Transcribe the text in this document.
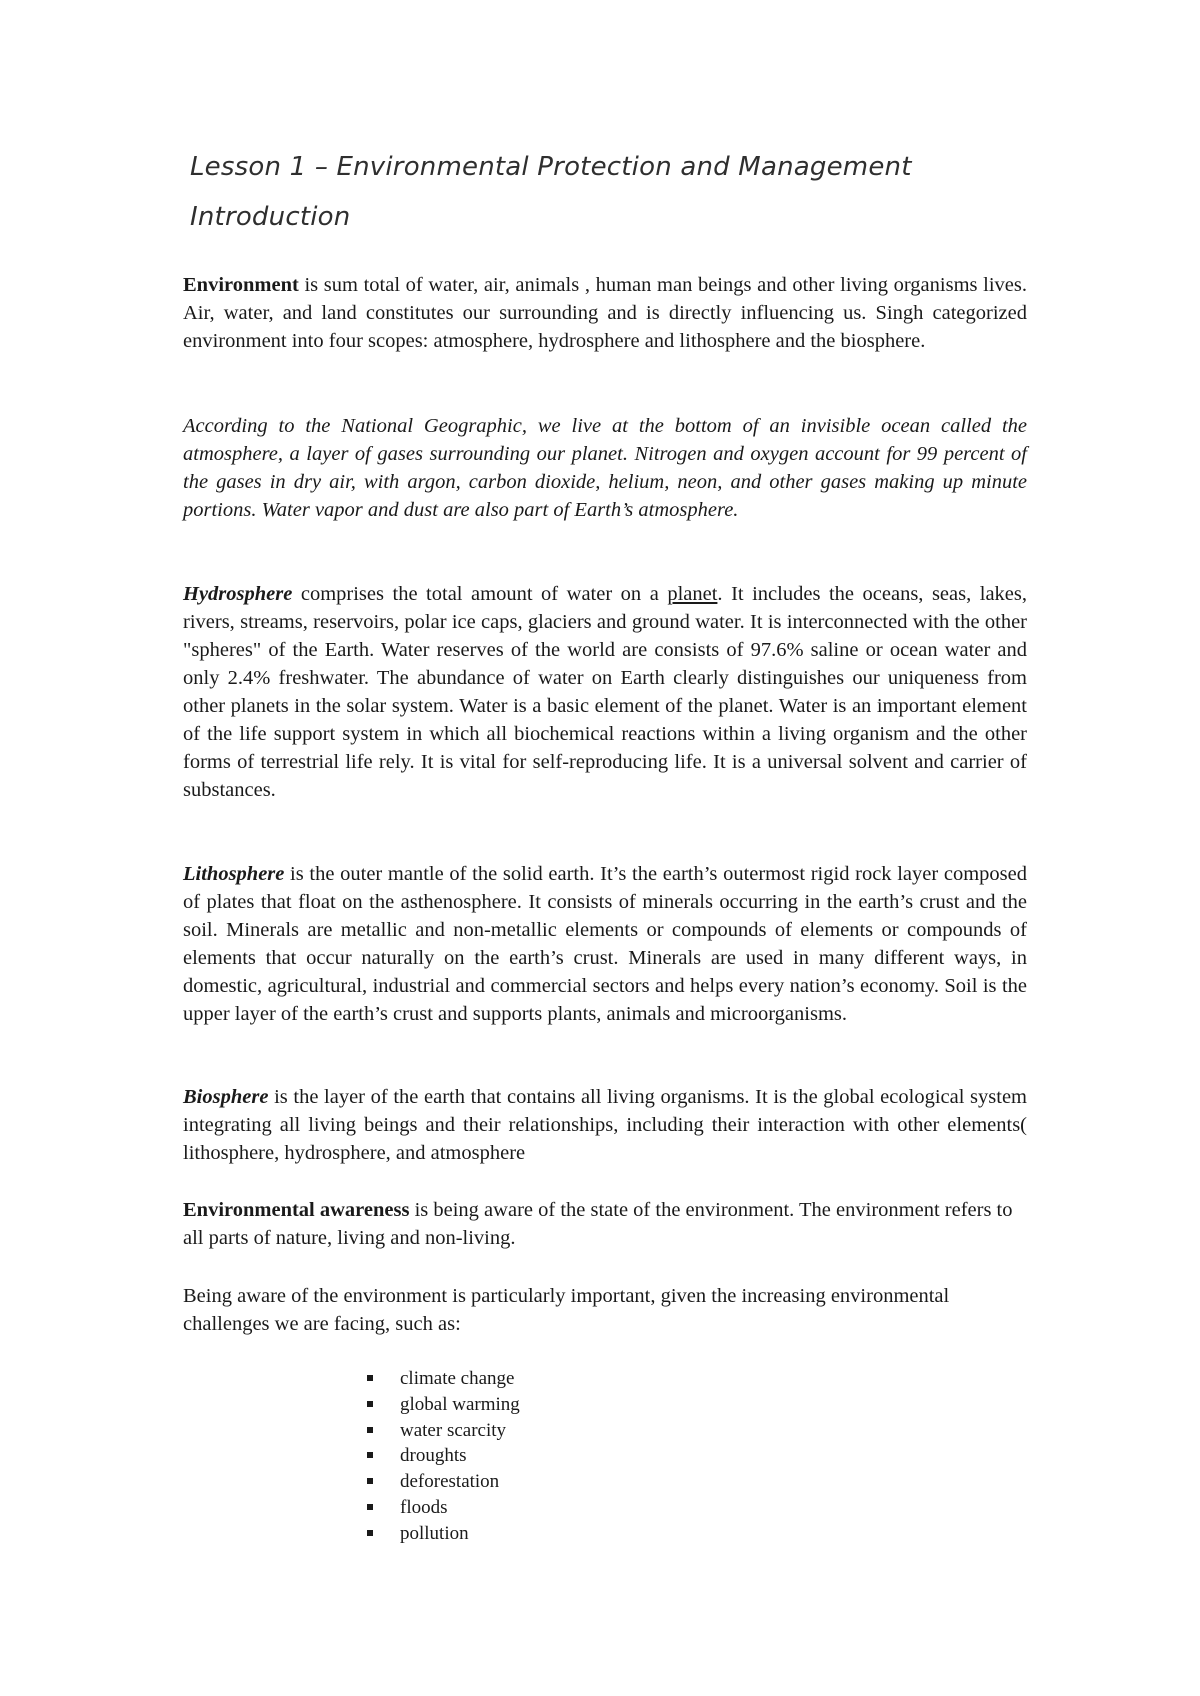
Lesson 1 – Environmental Protection and Management
Introduction

Environment is sum total of water, air, animals , human man beings and other living organisms lives. Air, water, and land constitutes our surrounding and is directly influencing us. Singh categorized environment into four scopes: atmosphere, hydrosphere and lithosphere and the biosphere.

According to the National Geographic, we live at the bottom of an invisible ocean called the atmosphere, a layer of gases surrounding our planet. Nitrogen and oxygen account for 99 percent of the gases in dry air, with argon, carbon dioxide, helium, neon, and other gases making up minute portions. Water vapor and dust are also part of Earth’s atmosphere.

Hydrosphere comprises the total amount of water on a planet. It includes the oceans, seas, lakes, rivers, streams, reservoirs, polar ice caps, glaciers and ground water. It is interconnected with the other "spheres" of the Earth. Water reserves of the world are consists of 97.6% saline or ocean water and only 2.4% freshwater. The abundance of water on Earth clearly distinguishes our uniqueness from other planets in the solar system. Water is a basic element of the planet. Water is an important element of the life support system in which all biochemical reactions within a living organism and the other forms of terrestrial life rely. It is vital for self-reproducing life. It is a universal solvent and carrier of substances.

Lithosphere is the outer mantle of the solid earth. It’s the earth’s outermost rigid rock layer composed of plates that float on the asthenosphere. It consists of minerals occurring in the earth’s crust and the soil. Minerals are metallic and non-metallic elements or compounds of elements or compounds of elements that occur naturally on the earth’s crust. Minerals are used in many different ways, in domestic, agricultural, industrial and commercial sectors and helps every nation’s economy. Soil is the upper layer of the earth’s crust and supports plants, animals and microorganisms.

Biosphere is the layer of the earth that contains all living organisms. It is the global ecological system integrating all living beings and their relationships, including their interaction with other elements( lithosphere, hydrosphere, and atmosphere

Environmental awareness is being aware of the state of the environment. The environment refers to all parts of nature, living and non-living.

Being aware of the environment is particularly important, given the increasing environmental challenges we are facing, such as:

climate change
global warming
water scarcity
droughts
deforestation
floods
pollution
